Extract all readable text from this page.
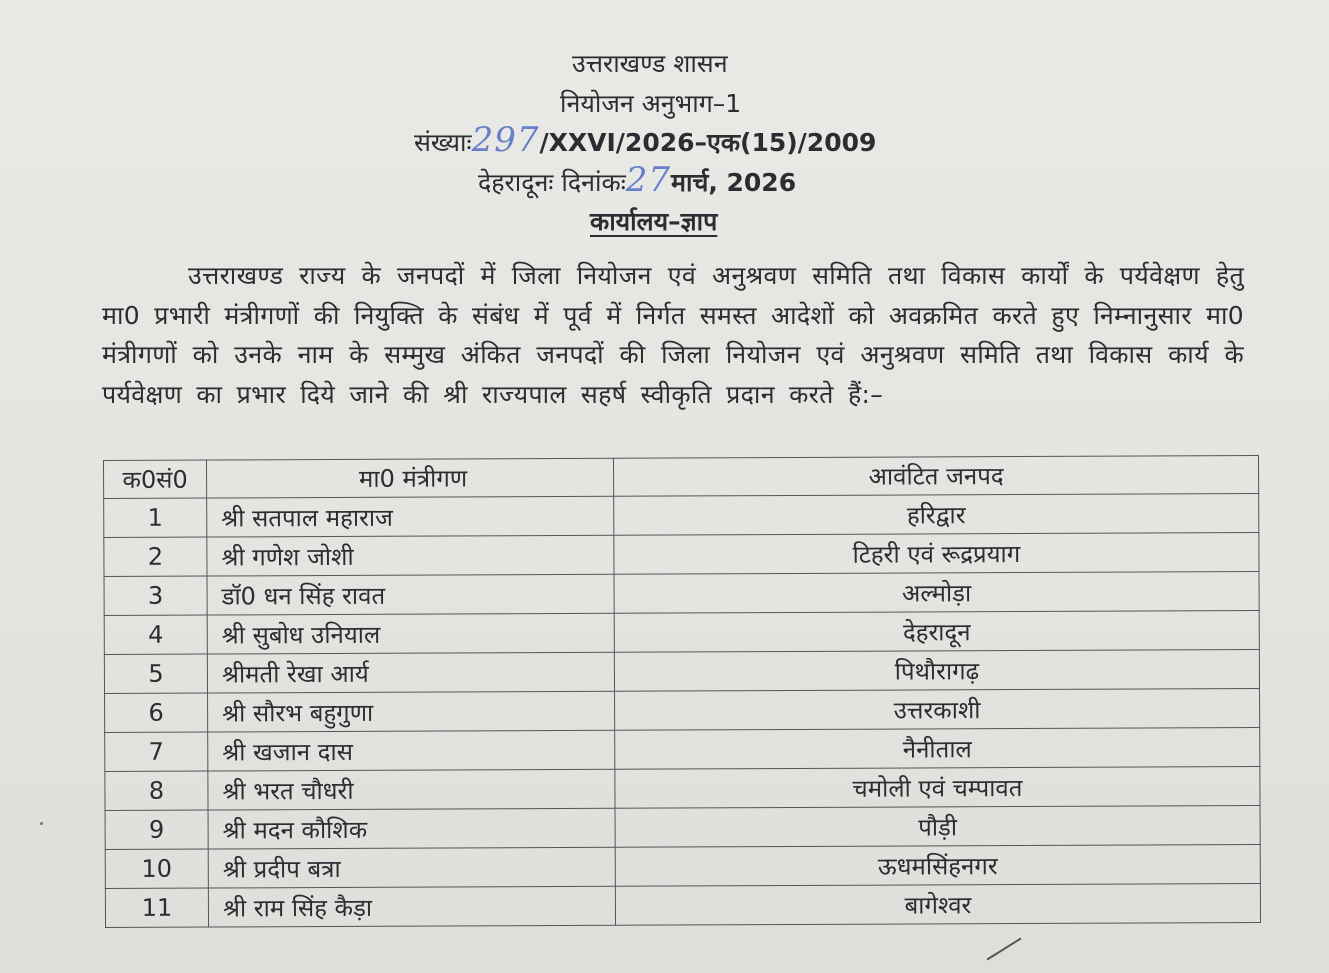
उत्तराखण्ड शासन
नियोजन अनुभाग–1
संख्याः297/XXVI/2026–एक(15)/2009
देहरादूनः दिनांकः27मार्च, 2026
कार्यालय–ज्ञाप
उत्तराखण्ड राज्य के जनपदों में जिला नियोजन एवं अनुश्रवण समिति तथा विकास कार्यों के पर्यवेक्षण हेतु मा0 प्रभारी मंत्रीगणों की नियुक्ति के संबंध में पूर्व में निर्गत समस्त आदेशों को अवक्रमित करते हुए निम्नानुसार मा0 मंत्रीगणों को उनके नाम के सम्मुख अंकित जनपदों की जिला नियोजन एवं अनुश्रवण समिति तथा विकास कार्य के पर्यवेक्षण का प्रभार दिये जाने की श्री राज्यपाल सहर्ष स्वीकृति प्रदान करते हैं:–
क0सं0	मा0 मंत्रीगण	आवंटित जनपद
1	श्री सतपाल महाराज	हरिद्वार
2	श्री गणेश जोशी	टिहरी एवं रूद्रप्रयाग
3	डॉ0 धन सिंह रावत	अल्मोड़ा
4	श्री सुबोध उनियाल	देहरादून
5	श्रीमती रेखा आर्य	पिथौरागढ़
6	श्री सौरभ बहुगुणा	उत्तरकाशी
7	श्री खजान दास	नैनीताल
8	श्री भरत चौधरी	चमोली एवं चम्पावत
9	श्री मदन कौशिक	पौड़ी
10	श्री प्रदीप बत्रा	ऊधमसिंहनगर
11	श्री राम सिंह कैड़ा	बागेश्वर
